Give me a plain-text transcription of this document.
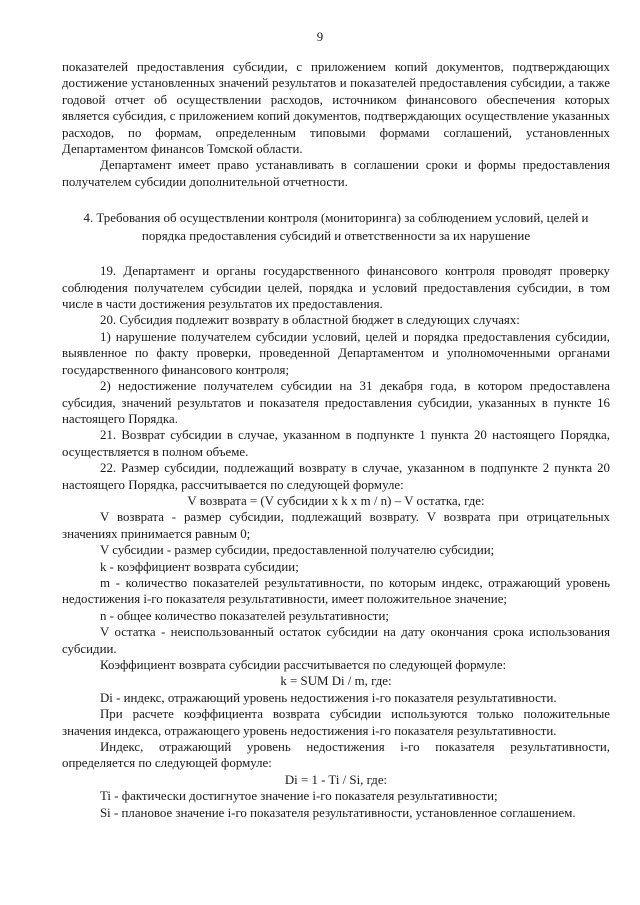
9

показателей предоставления субсидии, с приложением копий документов, подтверждающих достижение установленных значений результатов и показателей предоставления субсидии, а также годовой отчет об осуществлении расходов, источником финансового обеспечения которых является субсидия, с приложением копий документов, подтверждающих осуществление указанных расходов, по формам, определенным типовыми формами соглашений, установленных Департаментом финансов Томской области.

Департамент имеет право устанавливать в соглашении сроки и формы предоставления получателем субсидии дополнительной отчетности.

4. Требования об осуществлении контроля (мониторинга) за соблюдением условий, целей и порядка предоставления субсидий и ответственности за их нарушение

19. Департамент и органы государственного финансового контроля проводят проверку соблюдения получателем субсидии целей, порядка и условий предоставления субсидии, в том числе в части достижения результатов их предоставления.

20. Субсидия подлежит возврату в областной бюджет в следующих случаях:

1) нарушение получателем субсидии условий, целей и порядка предоставления субсидии, выявленное по факту проверки, проведенной Департаментом и уполномоченными органами государственного финансового контроля;

2) недостижение получателем субсидии на 31 декабря года, в котором предоставлена субсидия, значений результатов и показателя предоставления субсидии, указанных в пункте 16 настоящего Порядка.

21. Возврат субсидии в случае, указанном в подпункте 1 пункта 20 настоящего Порядка, осуществляется в полном объеме.

22. Размер субсидии, подлежащий возврату в случае, указанном в подпункте 2 пункта 20 настоящего Порядка, рассчитывается по следующей формуле:

V возврата = (V субсидии x k x m / n) – V остатка, где:

V возврата - размер субсидии, подлежащий возврату. V возврата при отрицательных значениях принимается равным 0;

V субсидии - размер субсидии, предоставленной получателю субсидии;

k - коэффициент возврата субсидии;

m - количество показателей результативности, по которым индекс, отражающий уровень недостижения i-го показателя результативности, имеет положительное значение;

n - общее количество показателей результативности;

V остатка - неиспользованный остаток субсидии на дату окончания срока использования субсидии.

Коэффициент возврата субсидии рассчитывается по следующей формуле:

k = SUM Di / m, где:

Di - индекс, отражающий уровень недостижения i-го показателя результативности.

При расчете коэффициента возврата субсидии используются только положительные значения индекса, отражающего уровень недостижения i-го показателя результативности.

Индекс, отражающий уровень недостижения i-го показателя результативности, определяется по следующей формуле:

Di = 1 - Ti / Si, где:

Ti - фактически достигнутое значение i-го показателя результативности;

Si - плановое значение i-го показателя результативности, установленное соглашением.
